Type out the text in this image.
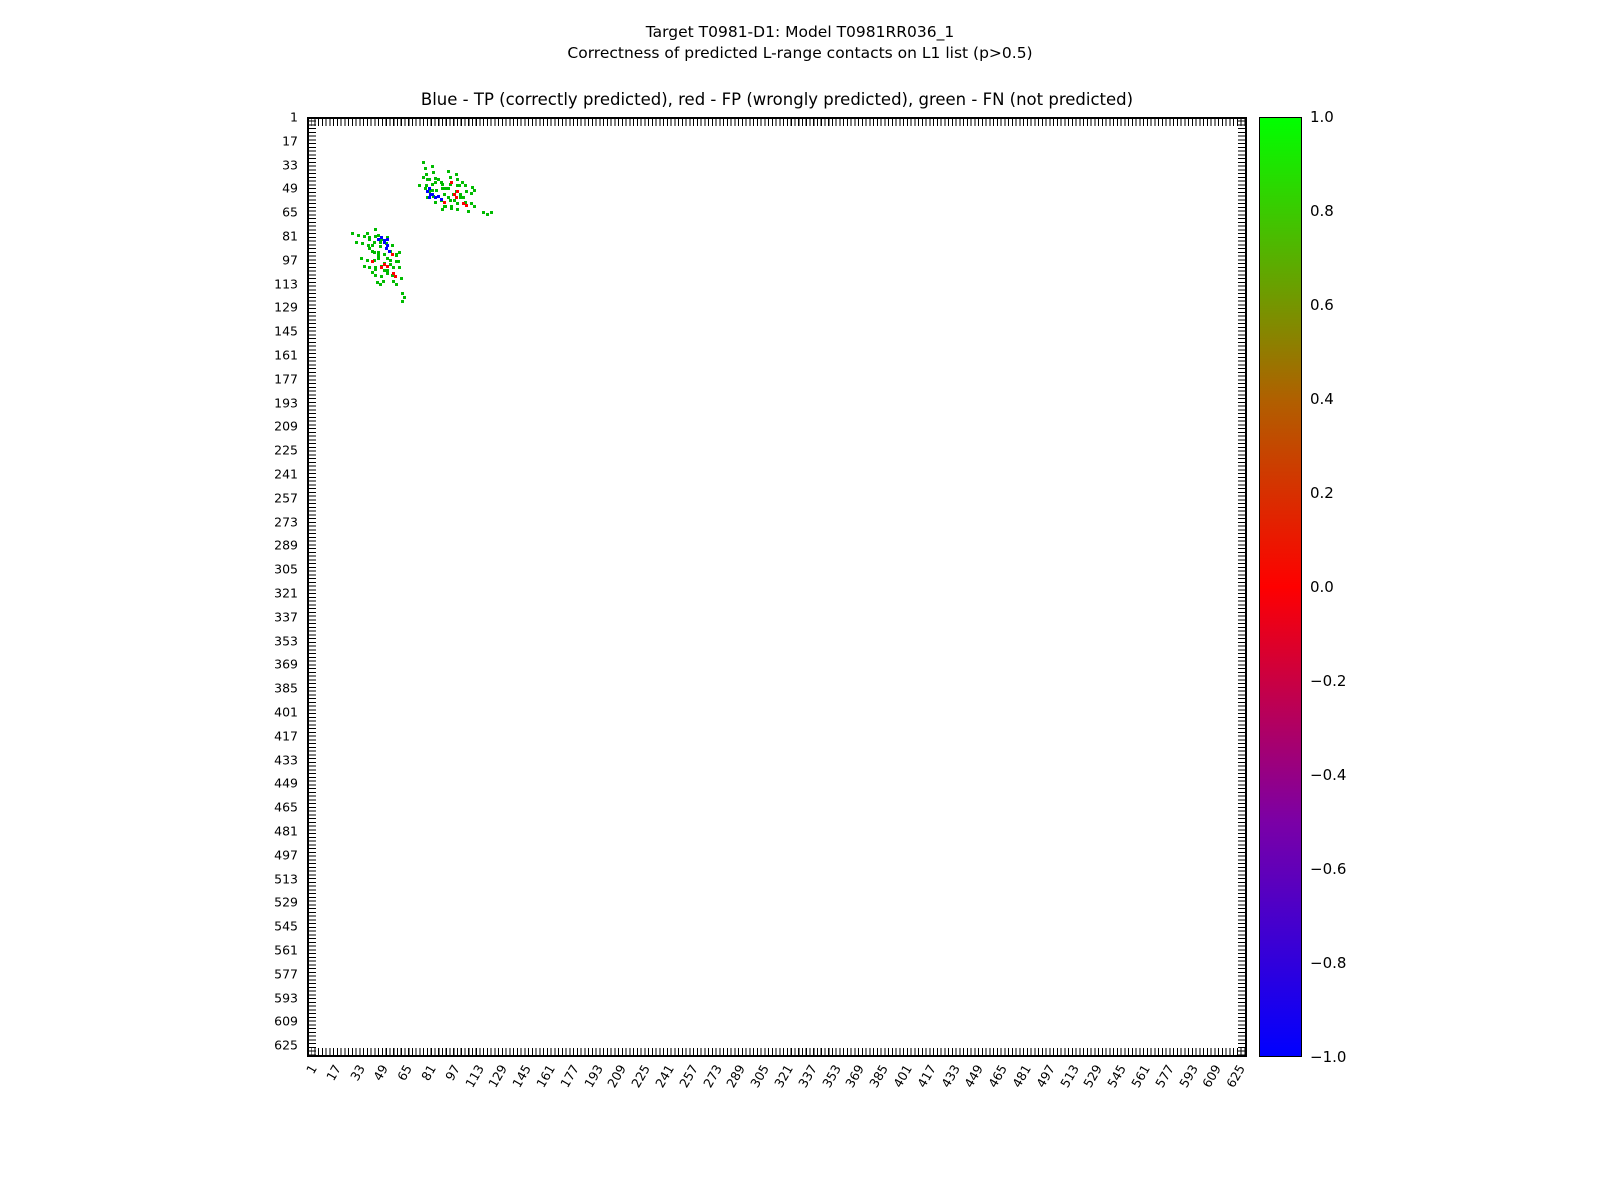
Target T0981-D1: Model T0981RR036_1
Correctness of predicted L-range contacts on L1 list (p>0.5)
Blue - TP (correctly predicted), red - FP (wrongly predicted), green - FN (not predicted)
1
17
33
49
65
81
97
113
129
145
161
177
193
209
225
241
257
273
289
305
321
337
353
369
385
401
417
433
449
465
481
497
513
529
545
561
577
593
609
625
1 17 33 49 65 81 97
113
129
145
161
177
193
209
225
241
257
273
289
305
321
337
353
369
385
401
417
433
449
465
481
497
513
529
545
561
577
593
609
625
1.0
0.8
0.6
0.4
0.2
0.0
−0.2
−0.4
−0.6
−0.8
−1.0
